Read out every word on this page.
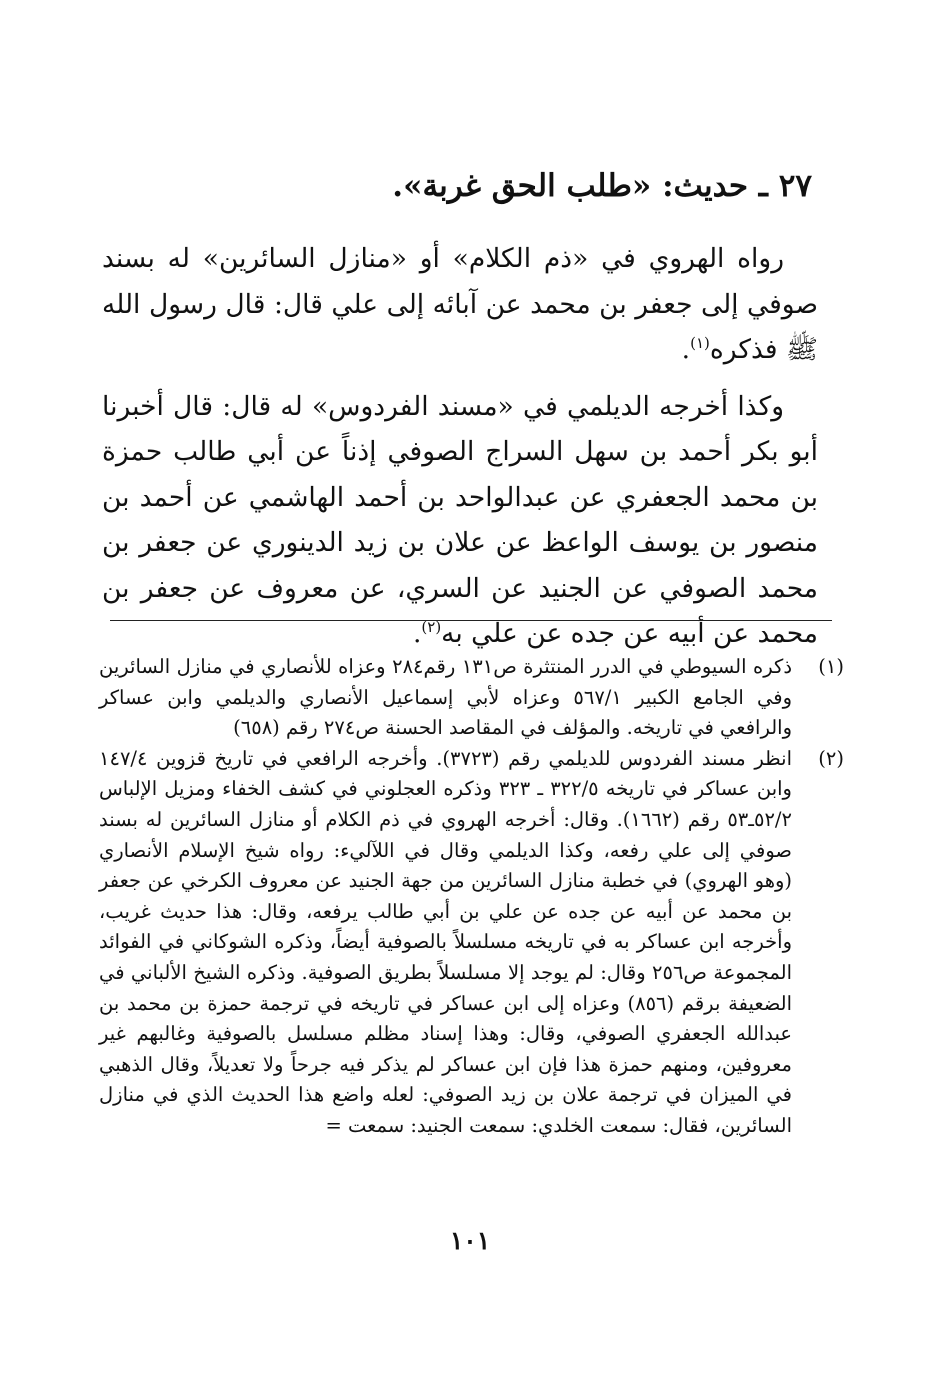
٢٧ ـ حديث: «طلب الحق غربة».

رواه الهروي في «ذم الكلام» أو «منازل السائرين» له بسند صوفي إلى جعفر بن محمد عن آبائه إلى علي قال: قال رسول الله ﷺ فذكره$^{(١)}$.

وكذا أخرجه الديلمي في «مسند الفردوس» له قال: قال أخبرنا أبو بكر أحمد بن سهل السراج الصوفي إذناً عن أبي طالب حمزة بن محمد الجعفري عن عبدالواحد بن أحمد الهاشمي عن أحمد بن منصور بن يوسف الواعظ عن علان بن زيد الدينوري عن جعفر بن محمد الصوفي عن الجنيد عن السري، عن معروف عن جعفر بن محمد عن أبيه عن جده عن علي به$^{(٢)}$.

(١)
ذكره السيوطي في الدرر المنتثرة ص١٣١ رقم٢٨٤ وعزاه للأنصاري في منازل السائرين وفي الجامع الكبير ٥٦٧/١ وعزاه لأبي إسماعيل الأنصاري والديلمي وابن عساكر والرافعي في تاريخه. والمؤلف في المقاصد الحسنة ص٢٧٤ رقم (٦٥٨)
(٢)
انظر مسند الفردوس للديلمي رقم (٣٧٢٣). وأخرجه الرافعي في تاريخ قزوين ١٤٧/٤ وابن عساكر في تاريخه ٣٢٢/٥ ـ ٣٢٣ وذكره العجلوني في كشف الخفاء ومزيل الإلباس ٥٢/٢ـ٥٣ رقم (١٦٦٢). وقال: أخرجه الهروي في ذم الكلام أو منازل السائرين له بسند صوفي إلى علي رفعه، وكذا الديلمي وقال في اللآليء: رواه شيخ الإسلام الأنصاري (وهو الهروي) في خطبة منازل السائرين من جهة الجنيد عن معروف الكرخي عن جعفر بن محمد عن أبيه عن جده عن علي بن أبي طالب يرفعه، وقال: هذا حديث غريب، وأخرجه ابن عساكر به في تاريخه مسلسلاً بالصوفية أيضاً، وذكره الشوكاني في الفوائد المجموعة ص٢٥٦ وقال: لم يوجد إلا مسلسلاً بطريق الصوفية. وذكره الشيخ الألباني في الضعيفة برقم (٨٥٦) وعزاه إلى ابن عساكر في تاريخه في ترجمة حمزة بن محمد بن عبدالله الجعفري الصوفي، وقال: وهذا إسناد مظلم مسلسل بالصوفية وغالبهم غير معروفين، ومنهم حمزة هذا فإن ابن عساكر لم يذكر فيه جرحاً ولا تعديلاً، وقال الذهبي في الميزان في ترجمة علان بن زيد الصوفي: لعله واضع هذا الحديث الذي في منازل السائرين، فقال: سمعت الخلدي: سمعت الجنيد: سمعت =
١٠١
